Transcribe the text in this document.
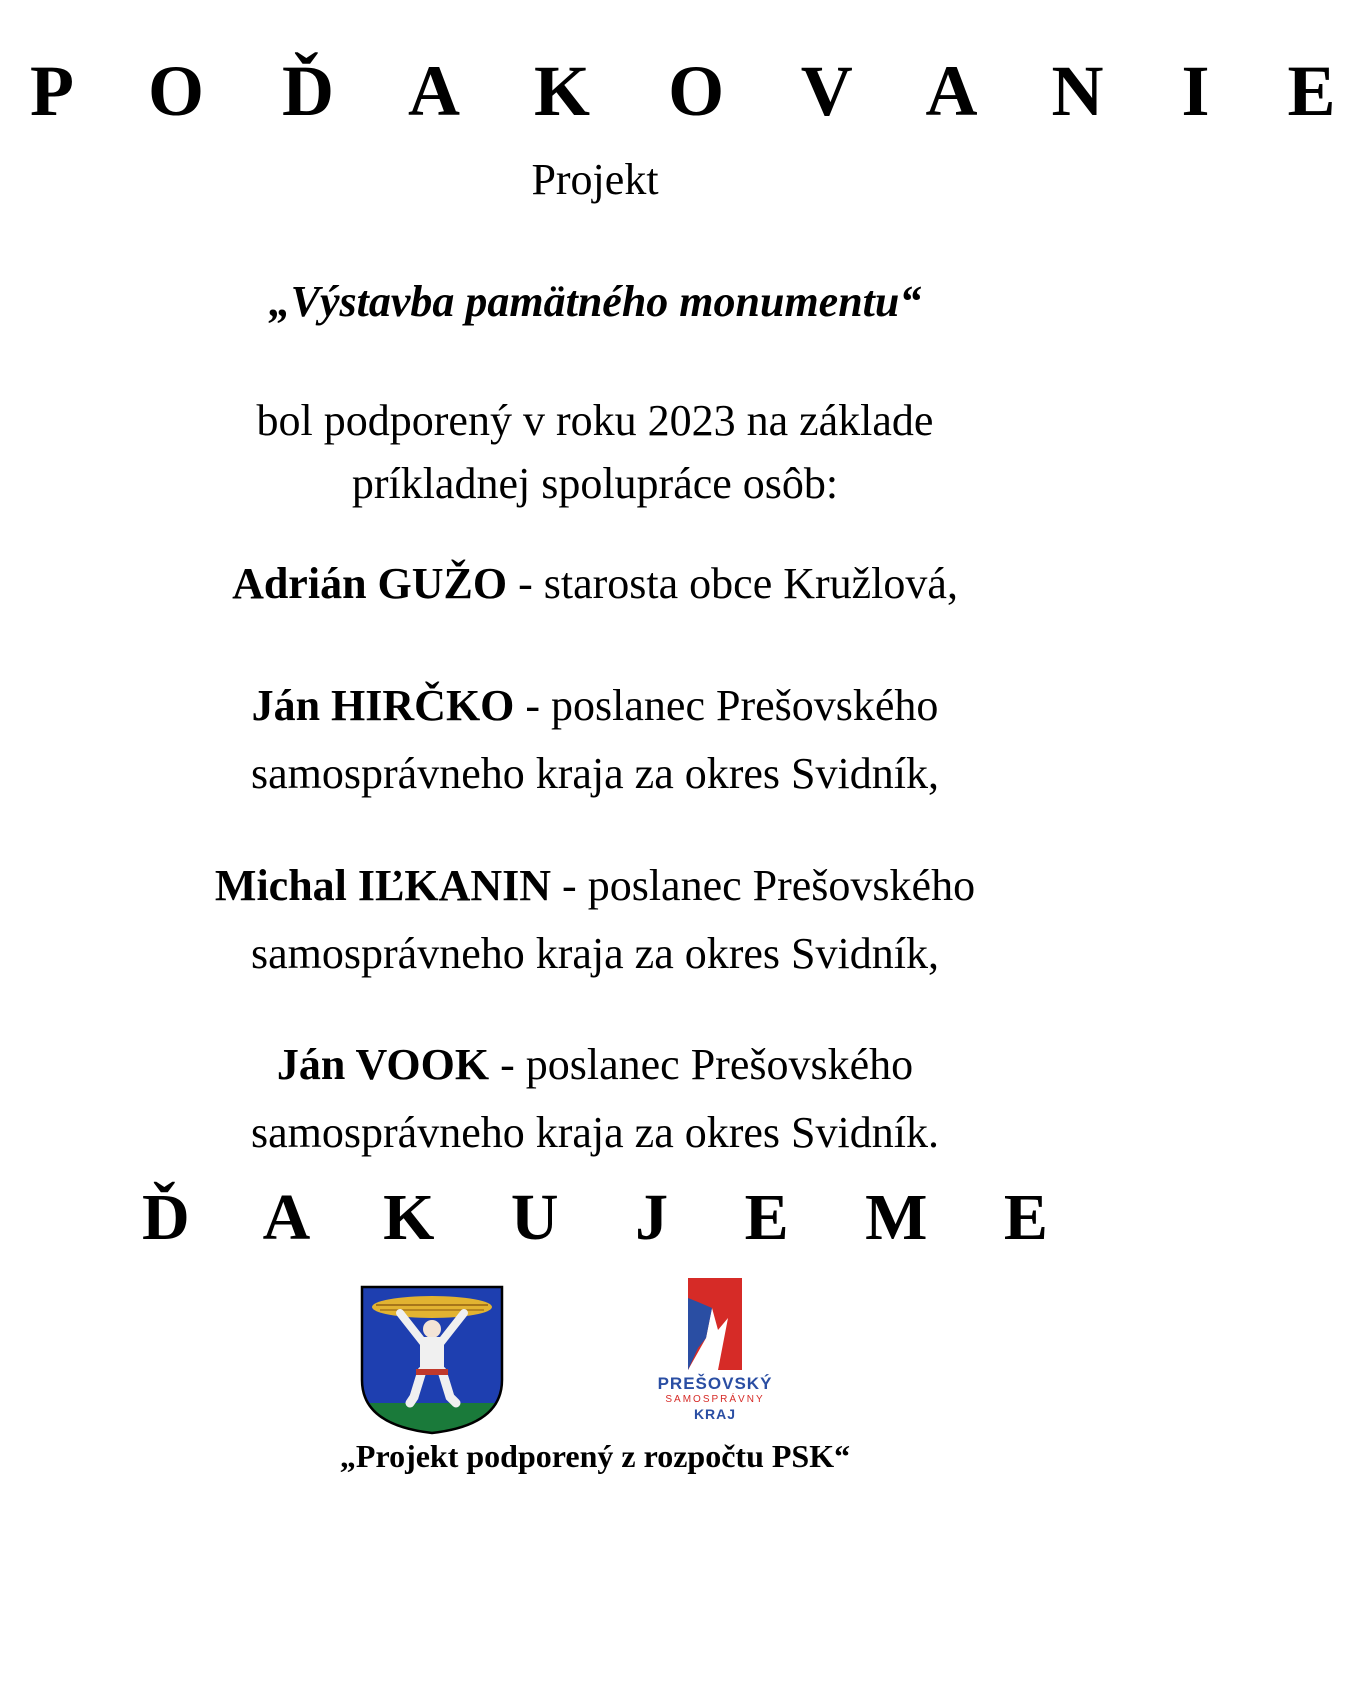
P O Ď A K O V A N I E
Projekt
„Výstavba pamätného monumentu“
bol podporený v roku 2023 na základe
príkladnej spolupráce osôb:
Adrián GUŽO - starosta obce Kružlová,
Ján HIRČKO - poslanec Prešovského
samosprávneho kraja za okres Svidník,
Michal IĽKANIN - poslanec Prešovského
samosprávneho kraja za okres Svidník,
Ján VOOK - poslanec Prešovského
samosprávneho kraja za okres Svidník.
Ď A K U J E M E
PREŠOVSKÝ
SAMOSPRÁVNY
KRAJ
„Projekt podporený z rozpočtu PSK“
